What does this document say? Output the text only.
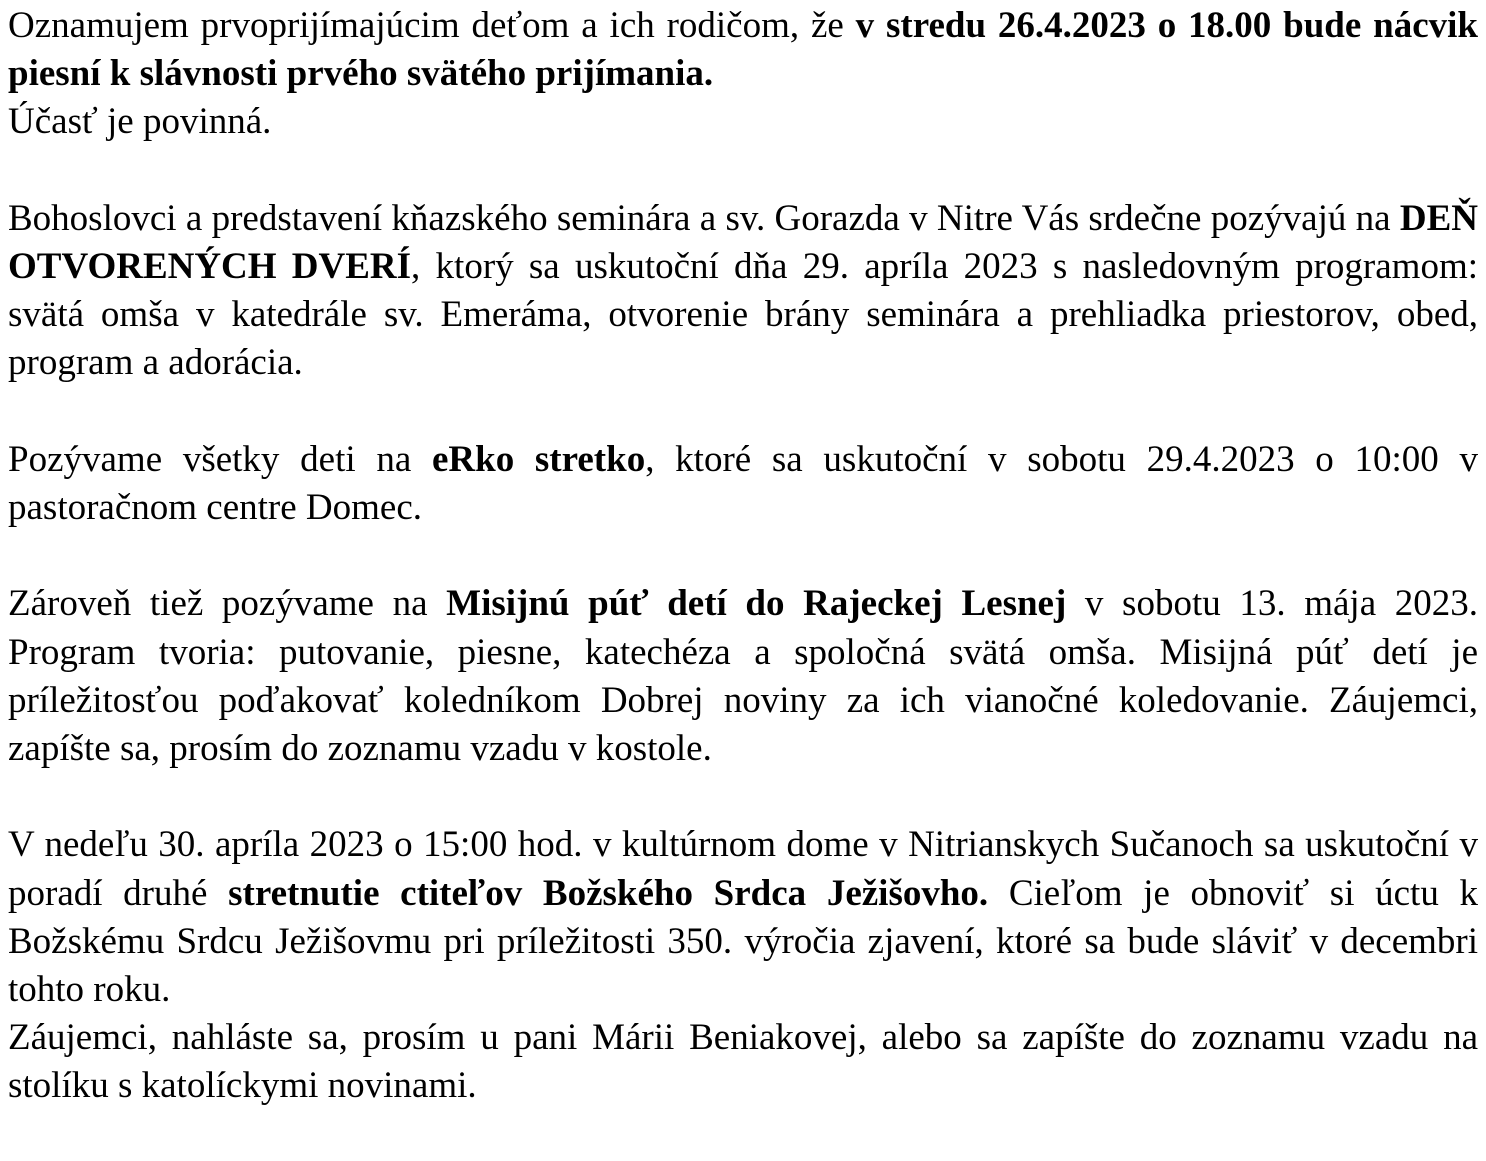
Oznamujem prvoprijímajúcim deťom a ich rodičom, že v stredu 26.4.2023 o 18.00 bude nácvik piesní k slávnosti prvého svätého prijímania.
Účasť je povinná.

Bohoslovci a predstavení kňazského seminára a sv. Gorazda v Nitre Vás srdečne pozývajú na DEŇ OTVORENÝCH DVERÍ, ktorý sa uskutoční dňa 29. apríla 2023 s nasledovným programom: svätá omša v katedrále sv. Emeráma, otvorenie brány seminára a prehliadka priestorov, obed, program a adorácia.

Pozývame všetky deti na eRko stretko, ktoré sa uskutoční v sobotu 29.4.2023 o 10:00 v pastoračnom centre Domec.

Zároveň tiež pozývame na Misijnú púť detí do Rajeckej Lesnej v sobotu 13. mája 2023. Program tvoria: putovanie, piesne, katechéza a spoločná svätá omša. Misijná púť detí je príležitosťou poďakovať koledníkom Dobrej noviny za ich vianočné koledovanie. Záujemci, zapíšte sa, prosím do zoznamu vzadu v kostole.

V nedeľu 30. apríla 2023 o 15:00 hod. v kultúrnom dome v Nitrianskych Sučanoch sa uskutoční v poradí druhé stretnutie ctiteľov Božského Srdca Ježišovho. Cieľom je obnoviť si úctu k Božskému Srdcu Ježišovmu pri príležitosti 350. výročia zjavení, ktoré sa bude sláviť v decembri tohto roku.
Záujemci, nahláste sa, prosím u pani Márii Beniakovej, alebo sa zapíšte do zoznamu vzadu na stolíku s katolíckymi novinami.
